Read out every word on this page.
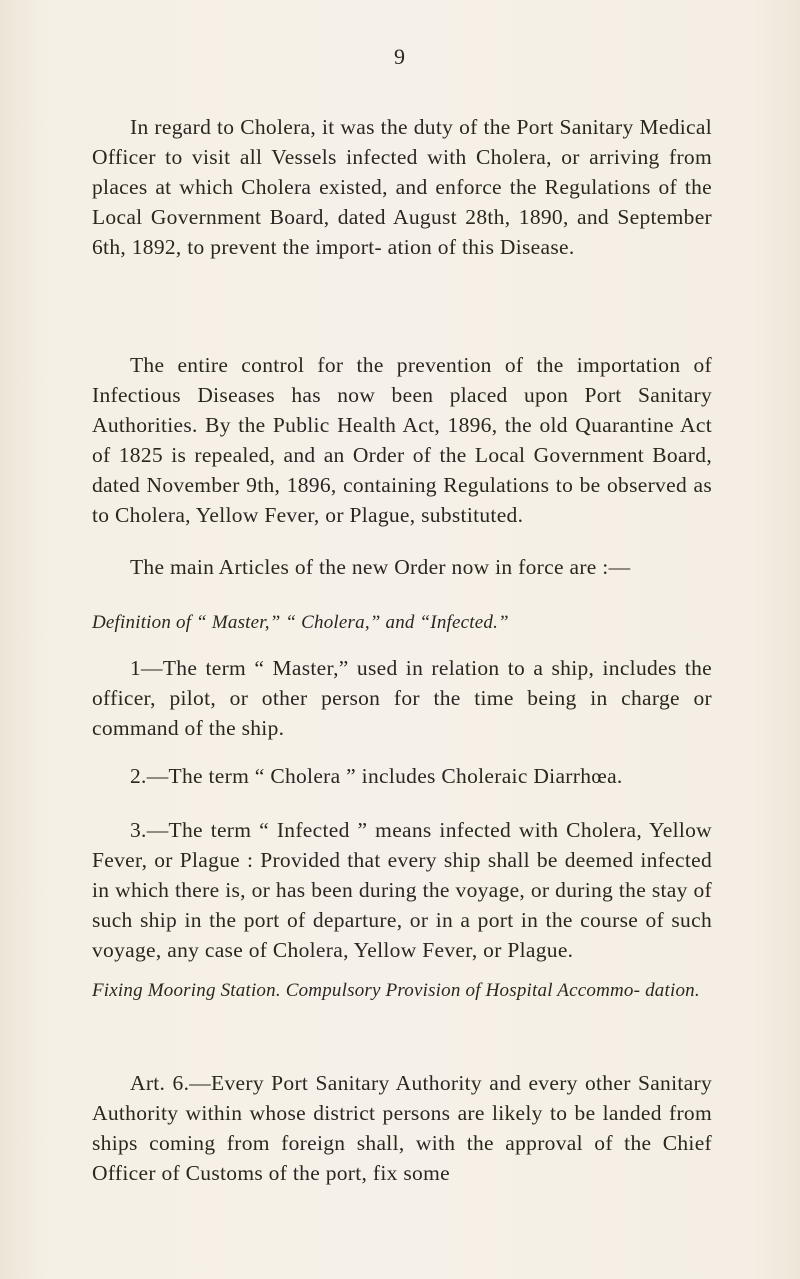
9

In regard to Cholera, it was the duty of the Port Sanitary Medical Officer to visit all Vessels infected with Cholera, or arriving from places at which Cholera existed, and enforce the Regulations of the Local Government Board, dated August 28th, 1890, and September 6th, 1892, to prevent the import- ation of this Disease.

The entire control for the prevention of the importation of Infectious Diseases has now been placed upon Port Sanitary Authorities. By the Public Health Act, 1896, the old Quarantine Act of 1825 is repealed, and an Order of the Local Government Board, dated November 9th, 1896, containing Regulations to be observed as to Cholera, Yellow Fever, or Plague, substituted.

The main Articles of the new Order now in force are :—

Definition of “ Master,” “ Cholera,” and “Infected.”

1—The term “ Master,” used in relation to a ship, includes the officer, pilot, or other person for the time being in charge or command of the ship.

2.—The term “ Cholera ” includes Choleraic Diarrhœa.

3.—The term “ Infected ” means infected with Cholera, Yellow Fever, or Plague : Provided that every ship shall be deemed infected in which there is, or has been during the voyage, or during the stay of such ship in the port of departure, or in a port in the course of such voyage, any case of Cholera, Yellow Fever, or Plague.

Fixing Mooring Station. Compulsory Provision of Hospital Accommo- dation.

Art. 6.—Every Port Sanitary Authority and every other Sanitary Authority within whose district persons are likely to be landed from ships coming from foreign shall, with the approval of the Chief Officer of Customs of the port, fix some
